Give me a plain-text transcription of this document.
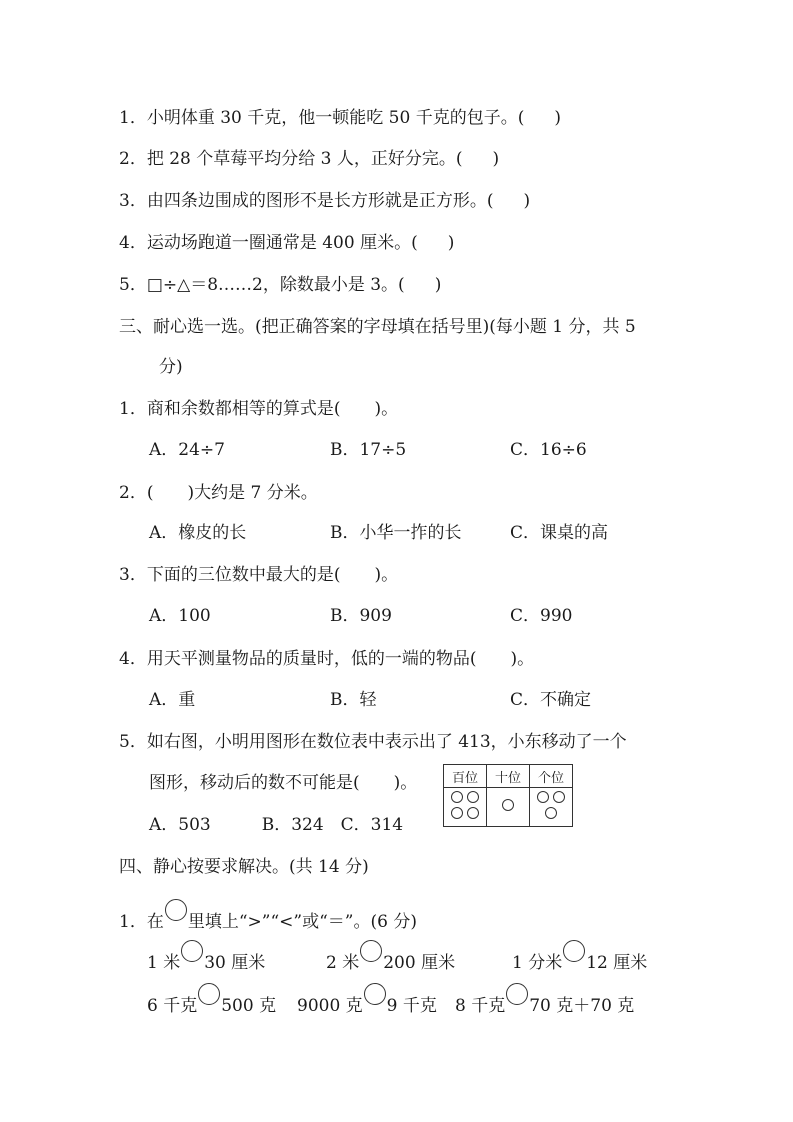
1．小明体重 30 千克，他一顿能吃 50 千克的包子。( )
2．把 28 个草莓平均分给 3 人，正好分完。( )
3．由四条边围成的图形不是长方形就是正方形。( )
4．运动场跑道一圈通常是 400 厘米。( )
5．□÷△＝8……2，除数最小是 3。( )
三、耐心选一选。(把正确答案的字母填在括号里)(每小题 1 分，共 5
分)
1．商和余数都相等的算式是(　　)。
A．24÷7	B．17÷5	C．16÷6
2．(　　)大约是 7 分米。
A．橡皮的长	B．小华一拃的长	C．课桌的高
3．下面的三位数中最大的是(　　)。
A．100	B．909	C．990
4．用天平测量物品的质量时，低的一端的物品(　　)。
A．重	B．轻	C．不确定
5．如右图，小明用图形在数位表中表示出了 413，小东移动了一个
图形，移动后的数不可能是(　　)。
A．503　　　B．324　C．314
百位	十位	个位

四、静心按要求解决。(共 14 分)
1．在 里填上“>”“<”或“＝”。(6 分)
1 米 30 厘米	2 米 200 厘米	1 分米 12 厘米
6 千克 500 克 9000 克 9 千克 8 千克 70 克＋70 克
